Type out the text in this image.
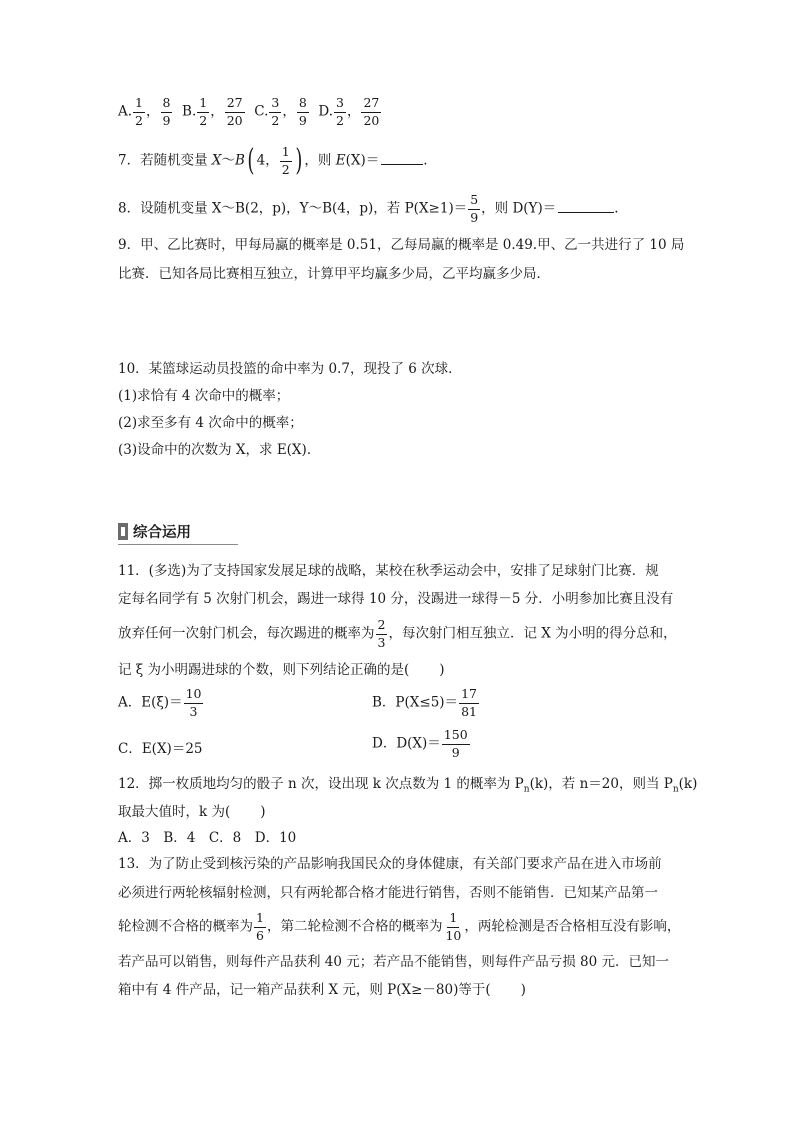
A. $\frac{1}{2}$ ， $\frac{8}{9} B$. $\frac{1}{2}$ ， $\frac{27}{20} C$. $\frac{3}{2}$ ， $\frac{8}{9} D$. $\frac{3}{2}$ ， $\frac{27}{20}$
7．若随机变量 X～B( 4， $\frac{1}{2}$ ) ，则 E(X)＝	.
8．设随机变量 X～B(2，p)，Y～B(4，p)，若 $P(X\ge 1)= \frac{5}{9}$ ，则 D(Y)＝	.
9．甲、乙比赛时，甲每局赢的概率是 0.51，乙每局赢的概率是 0.49.甲、乙一共进行了 10 局
比赛．已知各局比赛相互独立，计算甲平均赢多少局，乙平均赢多少局．
10．某篮球运动员投篮的命中率为 0.7，现投了 6 次球．
(1)求恰有 4 次命中的概率；
(2)求至多有 4 次命中的概率；
(3)设命中的次数为 X，求 E(X)．
综合运用
11．(多选)为了支持国家发展足球的战略，某校在秋季运动会中，安排了足球射门比赛．规
定每名同学有 5 次射门机会，踢进一球得 10 分，没踢进一球得－5 分．小明参加比赛且没有
放弃任何一次射门机会，每次踢进的概率为 $\frac{2}{3}$ ，每次射门相互独立．记 X 为小明的得分总和，
记 ξ 为小明踢进球的个数，则下列结论正确的是( )
A．$E(\xi)= \frac{10}{3}$	B．$P(X\le 5)= \frac{17}{81}$
C．E(X)＝25	D．$D(X)= \frac{150}{9}$
12．掷一枚质地均匀的骰子 n 次，设出现 k 次点数为 1 的概率为 $P_n(k)$，若 n＝20，则当 $P_n(k)$
取最大值时，k 为( )
A．3　B．4　C．8　D．10
13．为了防止受到核污染的产品影响我国民众的身体健康，有关部门要求产品在进入市场前
必须进行两轮核辐射检测，只有两轮都合格才能进行销售，否则不能销售．已知某产品第一
轮检测不合格的概率为 $\frac{1}{6}$ ，第二轮检测不合格的概率为 $\frac{1}{10}$ ，两轮检测是否合格相互没有影响，
若产品可以销售，则每件产品获利 40 元；若产品不能销售，则每件产品亏损 80 元．已知一
箱中有 4 件产品，记一箱产品获利 X 元，则 P(X≥－80)等于( )
